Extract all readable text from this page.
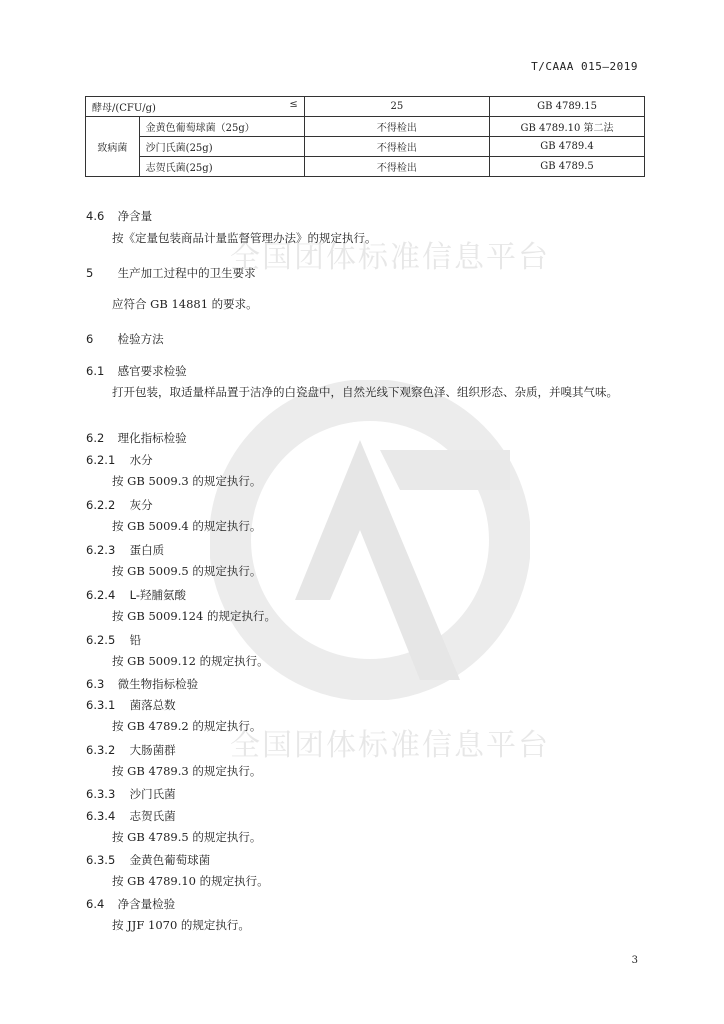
全国团体标准信息平台
全国团体标准信息平台
T/CAAA 015—2019
酵母/(CFU/g) ≤		25	GB 4789.15
致病菌	金黄色葡萄球菌（25g）	不得检出	GB 4789.10 第二法
	沙门氏菌(25g)	不得检出	GB 4789.4
	志贺氏菌(25g)	不得检出	GB 4789.5
4.6 净含量
按《定量包装商品计量监督管理办法》的规定执行。
5 生产加工过程中的卫生要求
应符合 GB 14881 的要求。
6 检验方法
6.1 感官要求检验
打开包装，取适量样品置于洁净的白瓷盘中，自然光线下观察色泽、组织形态、杂质，并嗅其气味。
6.2 理化指标检验
6.2.1 水分
按 GB 5009.3 的规定执行。
6.2.2 灰分
按 GB 5009.4 的规定执行。
6.2.3 蛋白质
按 GB 5009.5 的规定执行。
6.2.4 L-羟脯氨酸
按 GB 5009.124 的规定执行。
6.2.5 铅
按 GB 5009.12 的规定执行。
6.3 微生物指标检验
6.3.1 菌落总数
按 GB 4789.2 的规定执行。
6.3.2 大肠菌群
按 GB 4789.3 的规定执行。
6.3.3 沙门氏菌
6.3.4 志贺氏菌
按 GB 4789.5 的规定执行。
6.3.5 金黄色葡萄球菌
按 GB 4789.10 的规定执行。
6.4 净含量检验
按 JJF 1070 的规定执行。
3
